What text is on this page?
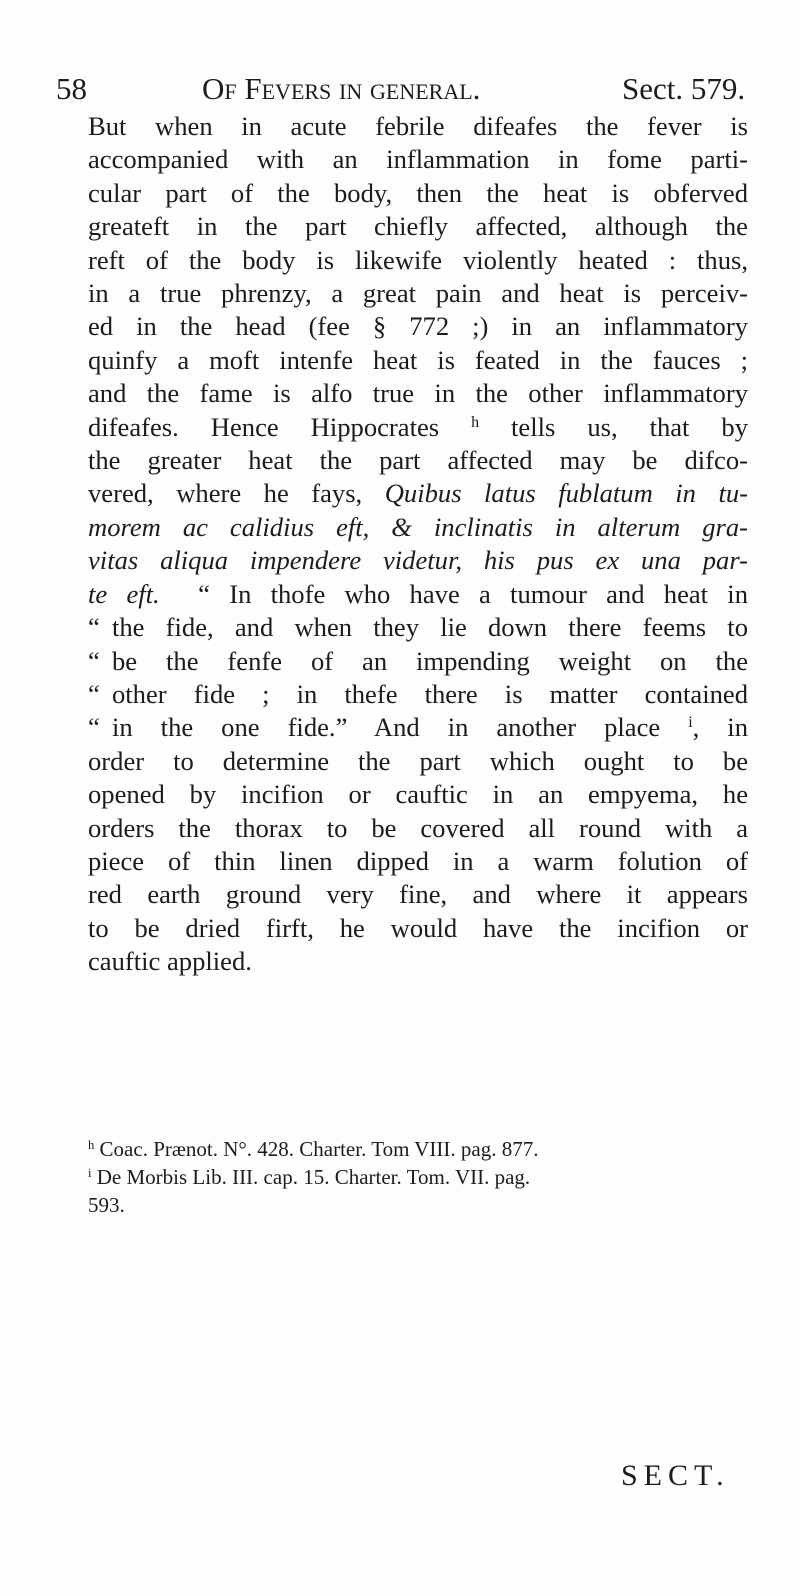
58	Of Fevers in general.	Sect. 579.
But when in acute febrile difeafes the fever is
accompanied with an inflammation in fome parti-
cular part of the body, then the heat is obferved
greateft in the part chiefly affected, although the
reft of the body is likewife violently heated : thus,
in a true phrenzy, a great pain and heat is perceiv-
ed in the head (fee § 772 ;) in an inflammatory
quinfy a moft intenfe heat is feated in the fauces ;
and the fame is alfo true in the other inflammatory
difeafes. Hence Hippocrates $^h$ tells us, that by
the greater heat the part affected may be difco-
vered, where he fays, Quibus latus fublatum in tu-
morem ac calidius eft, & inclinatis in alterum gra-
vitas aliqua impendere videtur, his pus ex una par-
te eft. “ In thofe who have a tumour and heat in
“ the fide, and when they lie down there feems to
“ be the fenfe of an impending weight on the
“ other fide ; in thefe there is matter contained
“ in the one fide.” And in another place $^i$, in
order to determine the part which ought to be
opened by incifion or cauftic in an empyema, he
orders the thorax to be covered all round with a
piece of thin linen dipped in a warm folution of
red earth ground very fine, and where it appears
to be dried firft, he would have the incifion or
cauftic applied.
$^h$ Coac. Prænot. N°. 428. Charter. Tom VIII. pag. 877.
$^i$ De Morbis Lib. III. cap. 15. Charter. Tom. VII. pag.
593.
SECT.
